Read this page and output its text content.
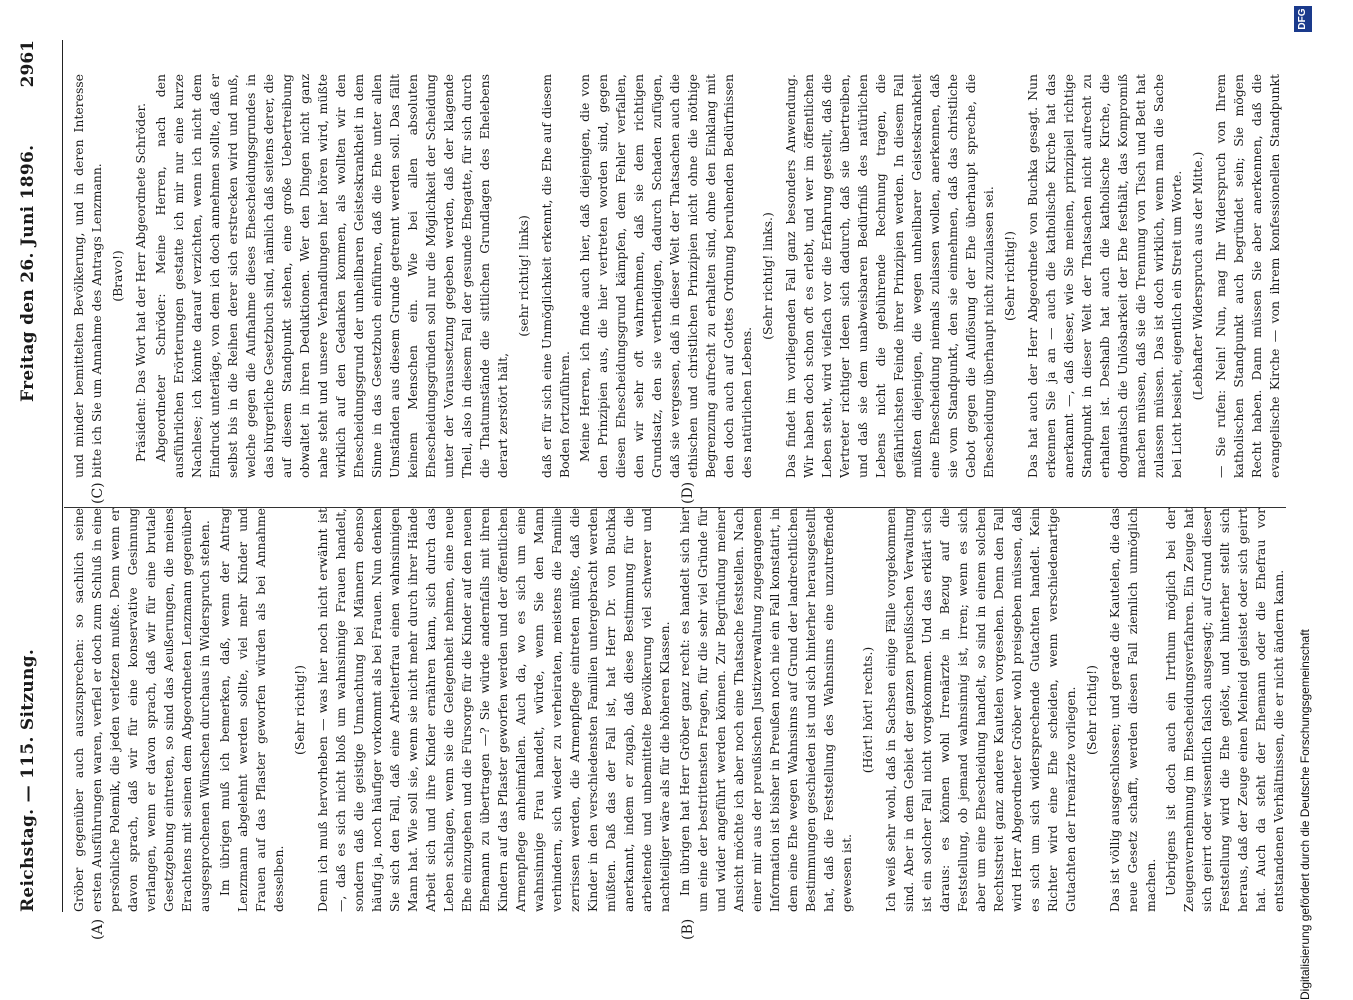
Reichstag. — 115. Sitzung.
Freitag den 26. Juni 1896.
2961
(A)	(B)
(C)	(D)

Gröber gegenüber auch auszusprechen: so sachlich seine ersten Ausführungen waren, verfiel er doch zum Schluß in eine persönliche Polemik, die jeden verletzen mußte. Denn wenn er davon sprach, daß wir für eine konservative Gesinnung verlangen, wenn er davon sprach, daß wir für eine brutale Gesetzgebung eintreten, so sind das Aeußerungen, die meines Erachtens mit seinen dem Abgeordneten Lenzmann gegenüber ausgesprochenen Wünschen durchaus in Widerspruch stehen. Im übrigen muß ich bemerken, daß, wenn der Antrag Lenzmann abgelehnt werden sollte, viel mehr Kinder und Frauen auf das Pflaster geworfen würden als bei Annahme desselben.

(Sehr richtig!) Denn ich muß hervorheben — was hier noch nicht erwähnt ist —, daß es sich nicht bloß um wahnsinnige Frauen handelt, sondern daß die geistige Umnachtung bei Männern ebenso häufig ja, noch häufiger vorkommt als bei Frauen. Nun denken Sie sich den Fall, daß eine Arbeiterfrau einen wahnsinnigen Mann hat. Wie soll sie, wenn sie nicht mehr durch ihrer Hände Arbeit sich und ihre Kinder ernähren kann, sich durch das Leben schlagen, wenn sie die Gelegenheit nehmen, eine neue Ehe einzugehen und die Fürsorge für die Kinder auf den neuen Ehemann zu übertragen —? Sie würde andernfalls mit ihren Kindern auf das Pflaster geworfen werden und der öffentlichen Armenpflege anheimfallen. Auch da, wo es sich um eine wahnsinnige Frau handelt, würde, wenn Sie den Mann verhindern, sich wieder zu verheiraten, meistens die Familie zerrissen werden, die Armenpflege eintreten müßte, daß die Kinder in den verschiedensten Familien untergebracht werden müßten. Daß das der Fall ist, hat Herr Dr. von Buchka anerkannt, indem er zugab, daß diese Bestimmung für die arbeitende und unbemittelte Bevölkerung viel schwerer und nachteiliger wäre als für die höheren Klassen. Im übrigen hat Herr Gröber ganz recht: es handelt sich hier um eine der bestrittensten Fragen, für die sehr viel Gründe für und wider angeführt werden können. Zur Begründung meiner Ansicht möchte ich aber noch eine Thatsache feststellen. Nach einer mir aus der preußischen Justizverwaltung zugegangenen Information ist bisher in Preußen noch nie ein Fall konstatirt, in dem eine Ehe wegen Wahnsinns auf Grund der landrechtlichen Bestimmungen geschieden ist und sich hinterher herausgestellt hat, daß die Feststellung des Wahnsinns eine unzutreffende gewesen ist.

(Hört! hört! rechts.) Ich weiß sehr wohl, daß in Sachsen einige Fälle vorgekommen sind. Aber in dem Gebiet der ganzen preußischen Verwaltung ist ein solcher Fall nicht vorgekommen. Und das erklärt sich daraus: es können wohl Irrenärzte in Bezug auf die Feststellung, ob jemand wahnsinnig ist, irren; wenn es sich aber um eine Ehescheidung handelt, so sind in einem solchen Rechtsstreit ganz andere Kautelen vorgesehen. Denn den Fall wird Herr Abgeordneter Gröber wohl preisgeben müssen, daß es sich um sich widersprechende Gutachten handelt. Kein Richter wird eine Ehe scheiden, wenn verschiedenartige Gutachten der Irrenärzte vorliegen. (Sehr richtig!) Das ist völlig ausgeschlossen; und gerade die Kautelen, die das neue Gesetz schafft, werden diesen Fall ziemlich unmöglich machen. Uebrigens ist doch auch ein Irrthum möglich bei der Zeugenvernehmung im Ehescheidungsverfahren. Ein Zeuge hat sich geirrt oder wissentlich falsch ausgesagt; auf Grund dieser Feststellung wird die Ehe gelöst, und hinterher stellt sich heraus, daß der Zeuge einen Meineid geleistet oder sich geirrt hat. Auch da steht der Ehemann oder die Ehefrau vor entstandenen Verhältnissen, die er nicht ändern kann.

und minder bemittelten Bevölkerung, und in deren Interesse bitte ich Sie um Annahme des Antrags Lenzmann. (Bravo!) Präsident: Das Wort hat der Herr Abgeordnete Schröder. Abgeordneter Schröder: Meine Herren, nach den ausführlichen Erörterungen gestatte ich mir nur eine kurze Nachlese; ich könnte darauf verzichten, wenn ich nicht dem Eindruck unterläge, von dem ich doch annehmen sollte, daß er selbst bis in die Reihen derer sich erstrecken wird und muß, welche gegen die Aufnahme dieses Ehescheidungsgrundes in das bürgerliche Gesetzbuch sind, nämlich daß seitens derer, die auf diesem Standpunkt stehen, eine große Uebertreibung obwaltet in ihren Deduktionen. Wer den Dingen nicht ganz nahe steht und unsere Verhandlungen hier hören wird, müßte wirklich auf den Gedanken kommen, als wollten wir den Ehescheidungsgrund der unheilbaren Geisteskrankheit in dem Sinne in das Gesetzbuch einführen, daß die Ehe unter allen Umständen aus diesem Grunde getrennt werden soll. Das fällt keinem Menschen ein. Wie bei allen absoluten Ehescheidungsgründen soll nur die Möglichkeit der Scheidung unter der Voraussetzung gegeben werden, daß der klagende Theil, also in diesem Fall der gesunde Ehegatte, für sich durch die Thatumstände die sittlichen Grundlagen des Ehelebens derart zerstört hält,

(sehr richtig! links) daß er für sich eine Unmöglichkeit erkennt, die Ehe auf diesem Boden fortzuführen. Meine Herren, ich finde auch hier, daß diejenigen, die von den Prinzipien aus, die hier vertreten worden sind, gegen diesen Ehescheidungsgrund kämpfen, dem Fehler verfallen, den wir sehr oft wahrnehmen, daß sie dem richtigen Grundsatz, den sie vertheidigen, dadurch Schaden zufügen, daß sie vergessen, daß in dieser Welt der Thatsachen auch die ethischen und christlichen Prinzipien nicht ohne die nöthige Begrenzung aufrecht zu erhalten sind, ohne den Einklang mit den doch auch auf Gottes Ordnung beruhenden Bedürfnissen des natürlichen Lebens.

(Sehr richtig! links.) Das findet im vorliegenden Fall ganz besonders Anwendung. Wir haben doch schon oft es erlebt, und wer im öffentlichen Leben steht, wird vielfach vor die Erfahrung gestellt, daß die Vertreter richtiger Ideen sich dadurch, daß sie übertreiben, und daß sie dem unabweisbaren Bedürfniß des natürlichen Lebens nicht die gebührende Rechnung tragen, die gefährlichsten Feinde ihrer Prinzipien werden. In diesem Fall müßten diejenigen, die wegen unheilbarer Geisteskrankheit eine Ehescheidung niemals zulassen wollen, anerkennen, daß sie vom Standpunkt, den sie einnehmen, daß das christliche Gebot gegen die Auflösung der Ehe überhaupt spreche, die Ehescheidung überhaupt nicht zuzulassen sei. (Sehr richtig!) Das hat auch der Herr Abgeordnete von Buchka gesagt. Nun erkennen Sie ja an — auch die katholische Kirche hat das anerkannt —, daß dieser, wie Sie meinen, prinzipiell richtige Standpunkt in dieser Welt der Thatsachen nicht aufrecht zu erhalten ist. Deshalb hat auch die katholische Kirche, die dogmatisch die Unlösbarkeit der Ehe festhält, das Kompromiß machen müssen, daß sie die Trennung von Tisch und Bett hat zulassen müssen. Das ist doch wirklich, wenn man die Sache bei Licht besieht, eigentlich ein Streit um Worte. (Lebhafter Widerspruch aus der Mitte.)

— Sie rufen: Nein! Nun, mag Ihr Widerspruch von Ihrem katholischen Standpunkt auch begründet sein; Sie mögen Recht haben. Dann müssen Sie aber anerkennen, daß die evangelische Kirche — von ihrem konfessionellen Standpunkt

Digitalisierung gefördert durch die Deutsche Forschungsgemeinschaft
DFG
